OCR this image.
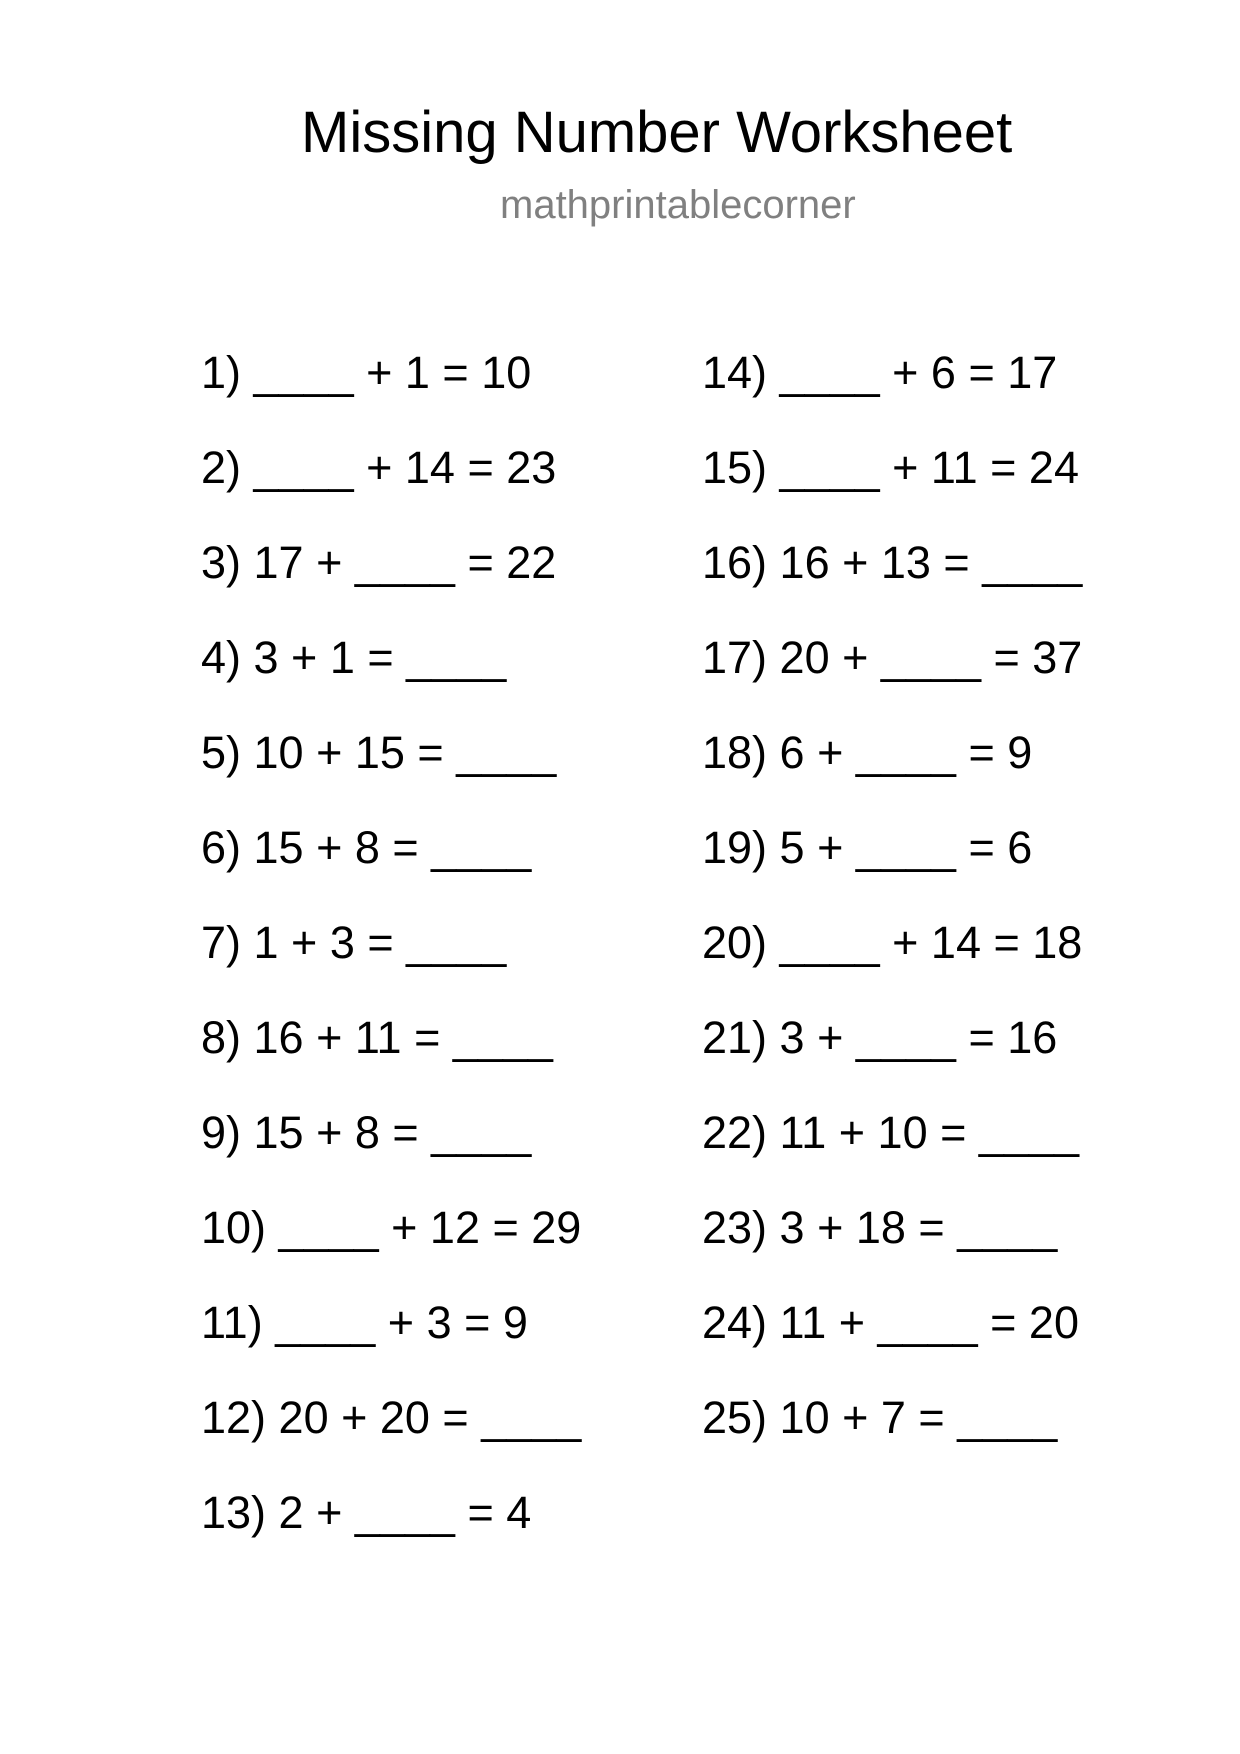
Missing Number Worksheet
mathprintablecorner
1) ____ + 1 = 10
2) ____ + 14 = 23
3) 17 + ____ = 22
4) 3 + 1 = ____
5) 10 + 15 = ____
6) 15 + 8 = ____
7) 1 + 3 = ____
8) 16 + 11 = ____
9) 15 + 8 = ____
10) ____ + 12 = 29
11) ____ + 3 = 9
12) 20 + 20 = ____
13) 2 + ____ = 4
14) ____ + 6 = 17
15) ____ + 11 = 24
16) 16 + 13 = ____
17) 20 + ____ = 37
18) 6 + ____ = 9
19) 5 + ____ = 6
20) ____ + 14 = 18
21) 3 + ____ = 16
22) 11 + 10 = ____
23) 3 + 18 = ____
24) 11 + ____ = 20
25) 10 + 7 = ____
